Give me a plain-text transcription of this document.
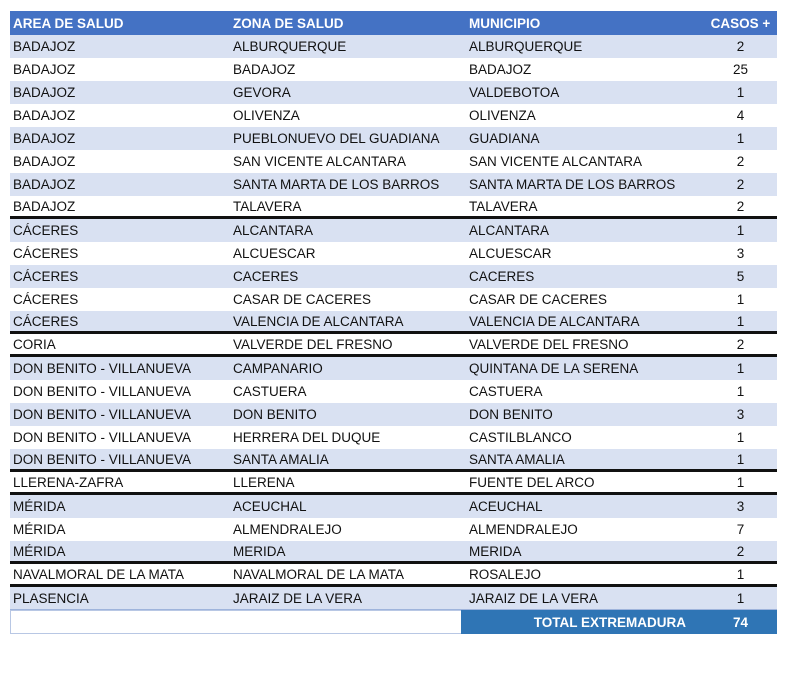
AREA DE SALUD	ZONA DE SALUD	MUNICIPIO	CASOS +
BADAJOZ	ALBURQUERQUE	ALBURQUERQUE	2
BADAJOZ	BADAJOZ	BADAJOZ	25
BADAJOZ	GEVORA	VALDEBOTOA	1
BADAJOZ	OLIVENZA	OLIVENZA	4
BADAJOZ	PUEBLONUEVO DEL GUADIANA	GUADIANA	1
BADAJOZ	SAN VICENTE ALCANTARA	SAN VICENTE ALCANTARA	2
BADAJOZ	SANTA MARTA DE LOS BARROS	SANTA MARTA DE LOS BARROS	2
BADAJOZ	TALAVERA	TALAVERA	2
CÁCERES	ALCANTARA	ALCANTARA	1
CÁCERES	ALCUESCAR	ALCUESCAR	3
CÁCERES	CACERES	CACERES	5
CÁCERES	CASAR DE CACERES	CASAR DE CACERES	1
CÁCERES	VALENCIA DE ALCANTARA	VALENCIA DE ALCANTARA	1
CORIA	VALVERDE DEL FRESNO	VALVERDE DEL FRESNO	2
DON BENITO - VILLANUEVA	CAMPANARIO	QUINTANA DE LA SERENA	1
DON BENITO - VILLANUEVA	CASTUERA	CASTUERA	1
DON BENITO - VILLANUEVA	DON BENITO	DON BENITO	3
DON BENITO - VILLANUEVA	HERRERA DEL DUQUE	CASTILBLANCO	1
DON BENITO - VILLANUEVA	SANTA AMALIA	SANTA AMALIA	1
LLERENA-ZAFRA	LLERENA	FUENTE DEL ARCO	1
MÉRIDA	ACEUCHAL	ACEUCHAL	3
MÉRIDA	ALMENDRALEJO	ALMENDRALEJO	7
MÉRIDA	MERIDA	MERIDA	2
NAVALMORAL DE LA MATA	NAVALMORAL DE LA MATA	ROSALEJO	1
PLASENCIA	JARAIZ DE LA VERA	JARAIZ DE LA VERA	1
TOTAL EXTREMADURA	74
